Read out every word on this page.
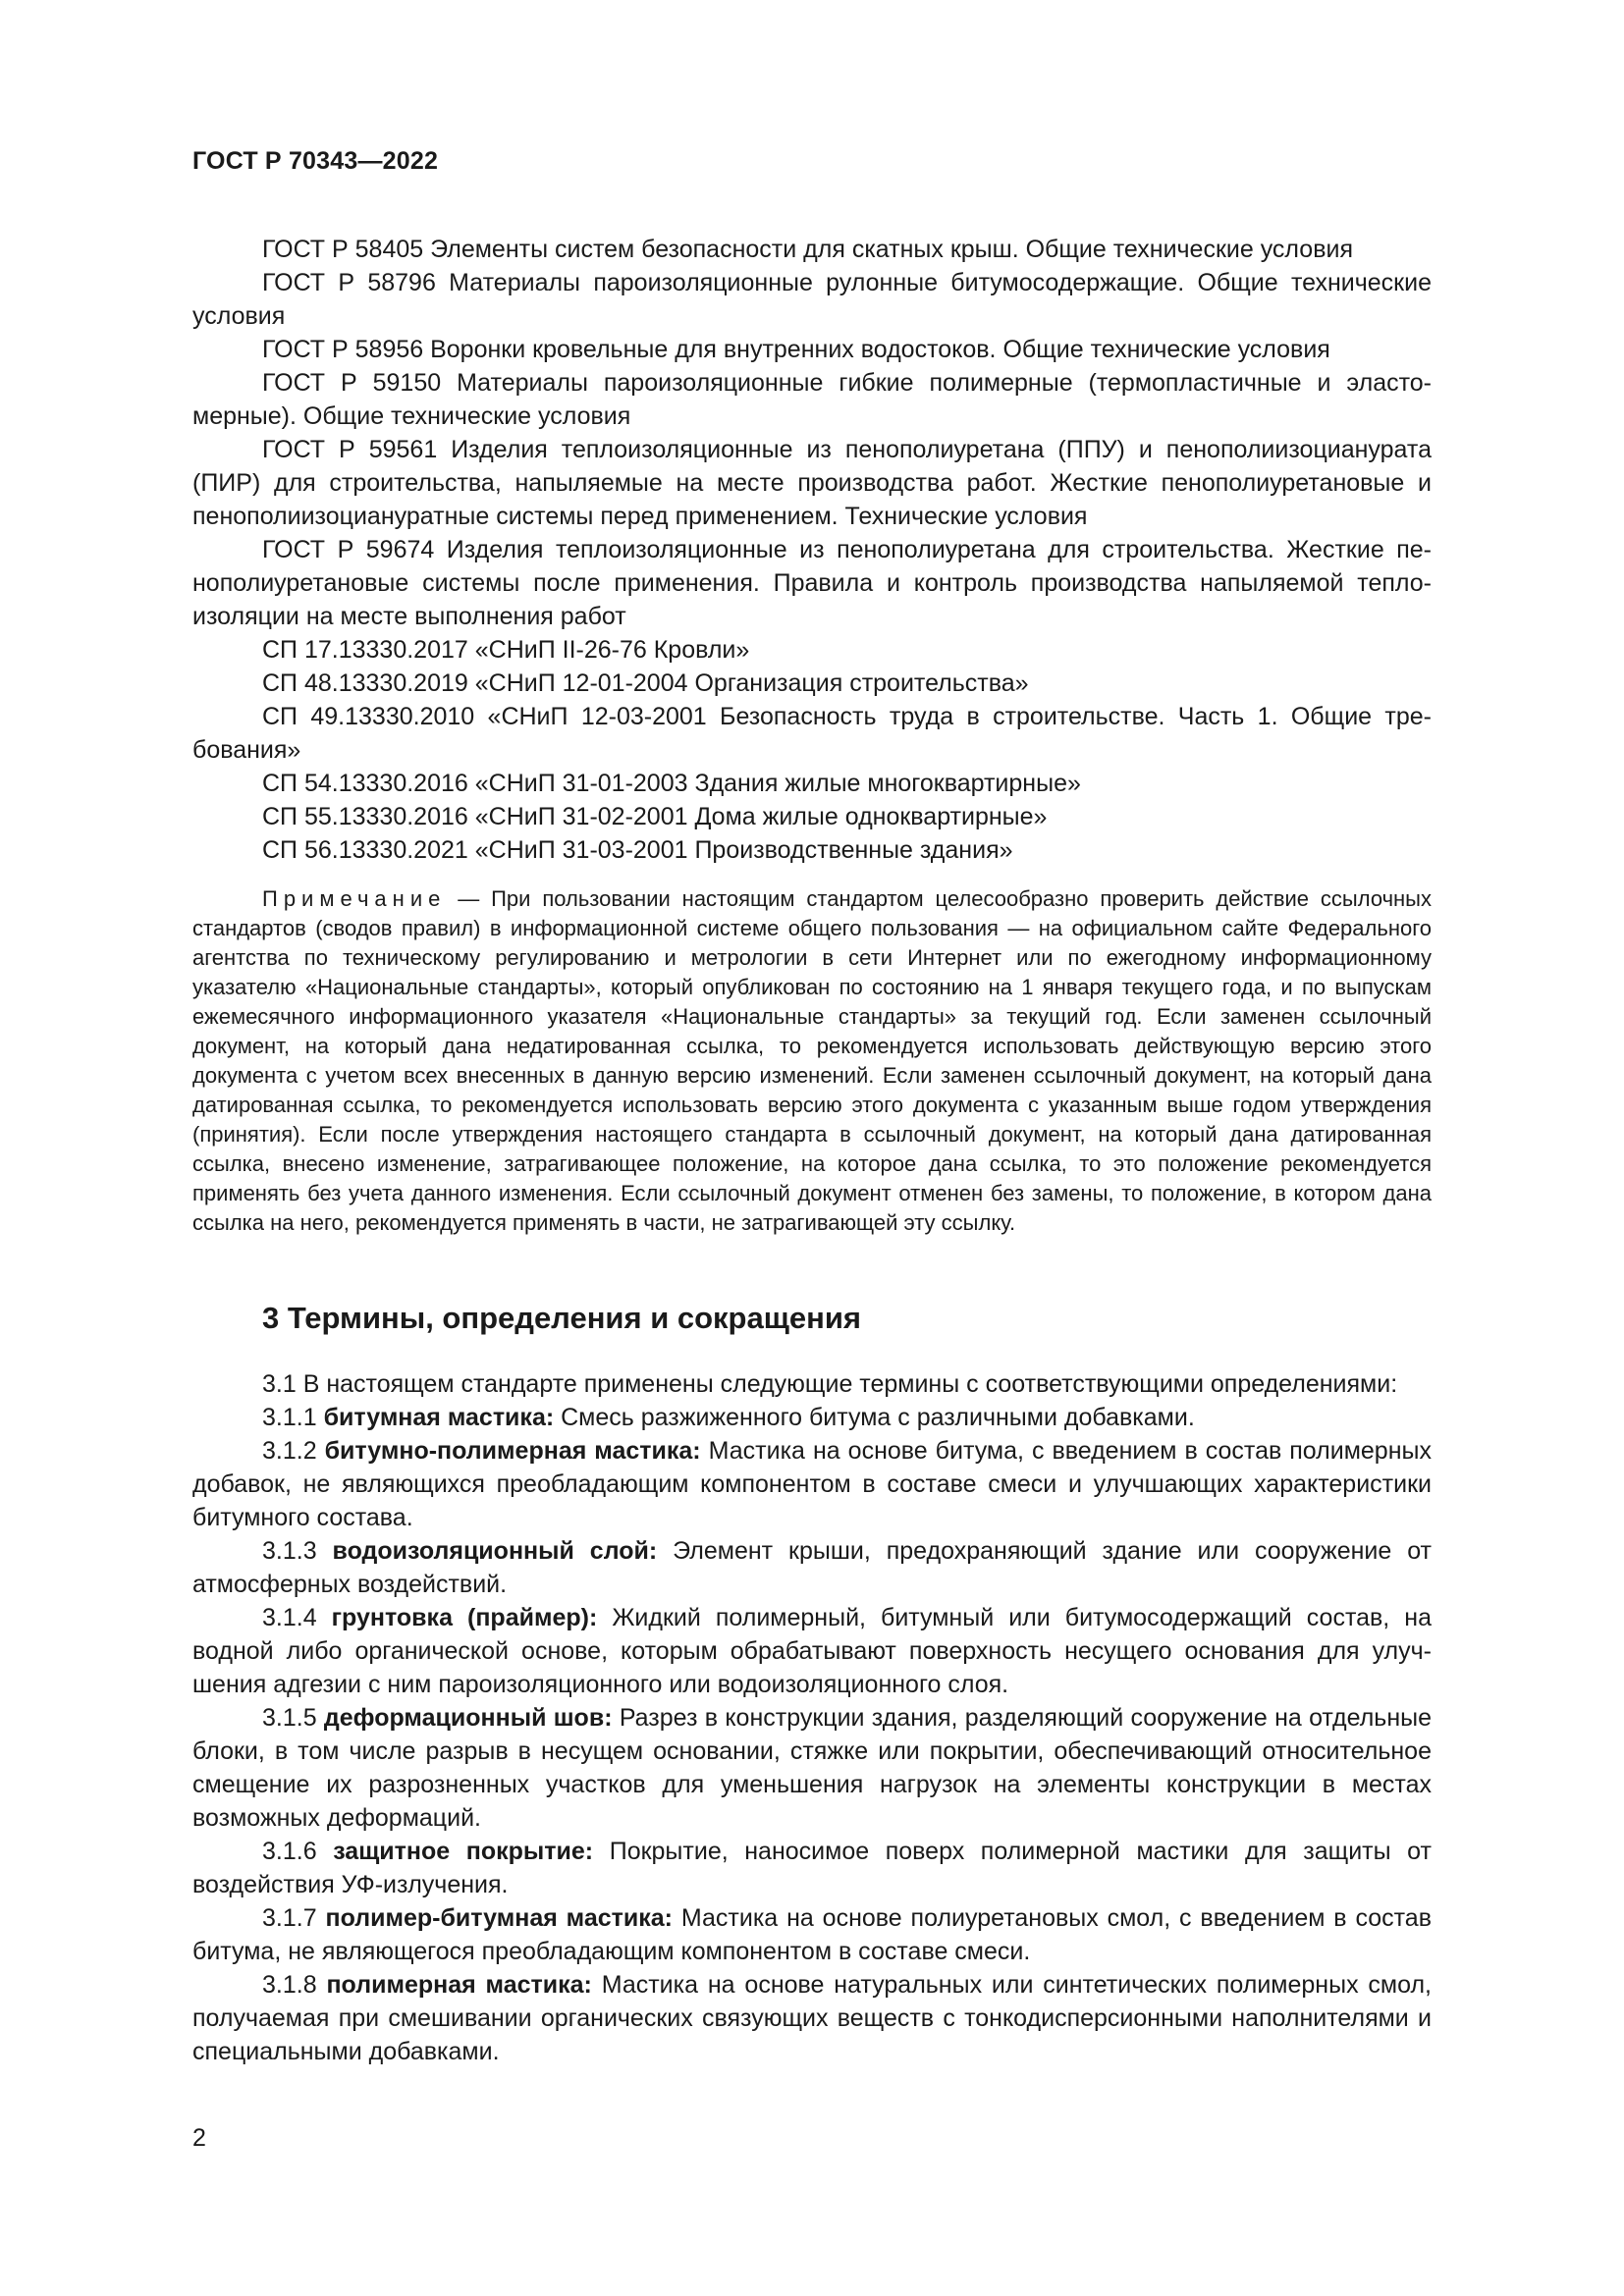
ГОСТ Р 70343—2022

ГОСТ Р 58405 Элементы систем безопасности для скатных крыш. Общие технические условия

ГОСТ Р 58796 Материалы пароизоляционные рулонные битумосодержащие. Общие технические условия

ГОСТ Р 58956 Воронки кровельные для внутренних водостоков. Общие технические условия

ГОСТ Р 59150 Материалы пароизоляционные гибкие полимерные (термопластичные и эластомерные). Общие технические условия

ГОСТ Р 59561 Изделия теплоизоляционные из пенополиуретана (ППУ) и пенополиизоцианурата (ПИР) для строительства, напыляемые на месте производства работ. Жесткие пенополиуретановые и пенополиизоциануратные системы перед применением. Технические условия

ГОСТ Р 59674 Изделия теплоизоляционные из пенополиуретана для строительства. Жесткие пенополиуретановые системы после применения. Правила и контроль производства напыляемой теплоизоляции на месте выполнения работ

СП 17.13330.2017 «СНиП II-26-76 Кровли»

СП 48.13330.2019 «СНиП 12-01-2004 Организация строительства»

СП 49.13330.2010 «СНиП 12-03-2001 Безопасность труда в строительстве. Часть 1. Общие требования»

СП 54.13330.2016 «СНиП 31-01-2003 Здания жилые многоквартирные»

СП 55.13330.2016 «СНиП 31-02-2001 Дома жилые одноквартирные»

СП 56.13330.2021 «СНиП 31-03-2001 Производственные здания»

Примечание — При пользовании настоящим стандартом целесообразно проверить действие ссылочных стандартов (сводов правил) в информационной системе общего пользования — на официальном сайте Федерального агентства по техническому регулированию и метрологии в сети Интернет или по ежегодному информационному указателю «Национальные стандарты», который опубликован по состоянию на 1 января текущего года, и по выпускам ежемесячного информационного указателя «Национальные стандарты» за текущий год. Если заменен ссылочный документ, на который дана недатированная ссылка, то рекомендуется использовать действующую версию этого документа с учетом всех внесенных в данную версию изменений. Если заменен ссылочный документ, на который дана датированная ссылка, то рекомендуется использовать версию этого документа с указанным выше годом утверждения (принятия). Если после утверждения настоящего стандарта в ссылочный документ, на который дана датированная ссылка, внесено изменение, затрагивающее положение, на которое дана ссылка, то это положение рекомендуется применять без учета данного изменения. Если ссылочный документ отменен без замены, то положение, в котором дана ссылка на него, рекомендуется применять в части, не затрагивающей эту ссылку.
3 Термины, определения и сокращения

3.1 В настоящем стандарте применены следующие термины с соответствующими определениями:

3.1.1 битумная мастика: Смесь разжиженного битума с различными добавками.

3.1.2 битумно-полимерная мастика: Мастика на основе битума, с введением в состав полимерных добавок, не являющихся преобладающим компонентом в составе смеси и улучшающих характеристики битумного состава.

3.1.3 водоизоляционный слой: Элемент крыши, предохраняющий здание или сооружение от атмосферных воздействий.

3.1.4 грунтовка (праймер): Жидкий полимерный, битумный или битумосодержащий состав, на водной либо органической основе, которым обрабатывают поверхность несущего основания для улучшения адгезии с ним пароизоляционного или водоизоляционного слоя.

3.1.5 деформационный шов: Разрез в конструкции здания, разделяющий сооружение на отдельные блоки, в том числе разрыв в несущем основании, стяжке или покрытии, обеспечивающий относительное смещение их разрозненных участков для уменьшения нагрузок на элементы конструкции в местах возможных деформаций.

3.1.6 защитное покрытие: Покрытие, наносимое поверх полимерной мастики для защиты от воздействия УФ-излучения.

3.1.7 полимер-битумная мастика: Мастика на основе полиуретановых смол, с введением в состав битума, не являющегося преобладающим компонентом в составе смеси.

3.1.8 полимерная мастика: Мастика на основе натуральных или синтетических полимерных смол, получаемая при смешивании органических связующих веществ с тонкодисперсионными наполнителями и специальными добавками.

2
